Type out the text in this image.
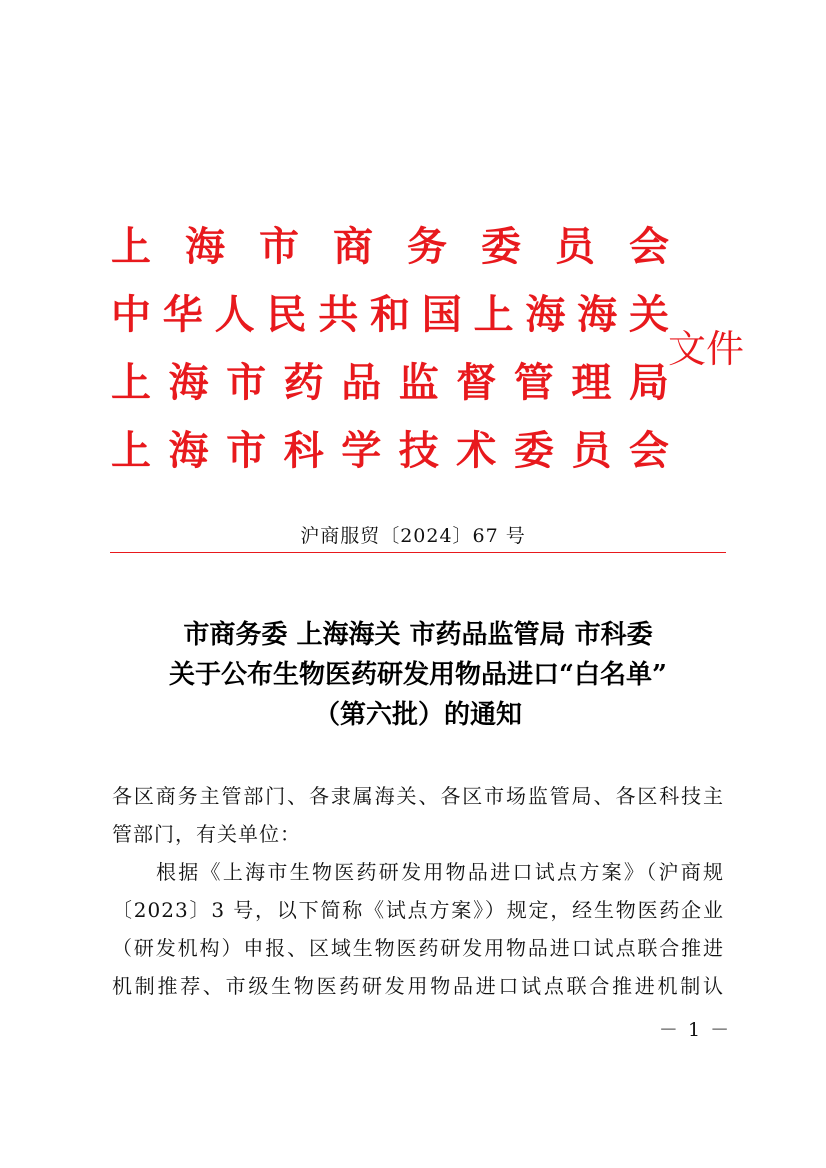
上 海 市 商 务 委 员 会
中 华 人 民 共 和 国 上 海 海 关
上 海 市 药 品 监 督 管 理 局
上 海 市 科 学 技 术 委 员 会
文件
沪商服贸〔2024〕67 号
市商务委 上海海关 市药品监管局 市科委
关于公布生物医药研发用物品进口“白名单”
（第六批）的通知
各区商务主管部门、各隶属海关、各区市场监管局、各区科技主
管部门，有关单位：
根据《上海市生物医药研发用物品进口试点方案》（沪商规
〔2023〕3 号，以下简称《试点方案》）规定，经生物医药企业
（研发机构）申报、区域生物医药研发用物品进口试点联合推进
机制推荐、市级生物医药研发用物品进口试点联合推进机制认
－ 1 －
